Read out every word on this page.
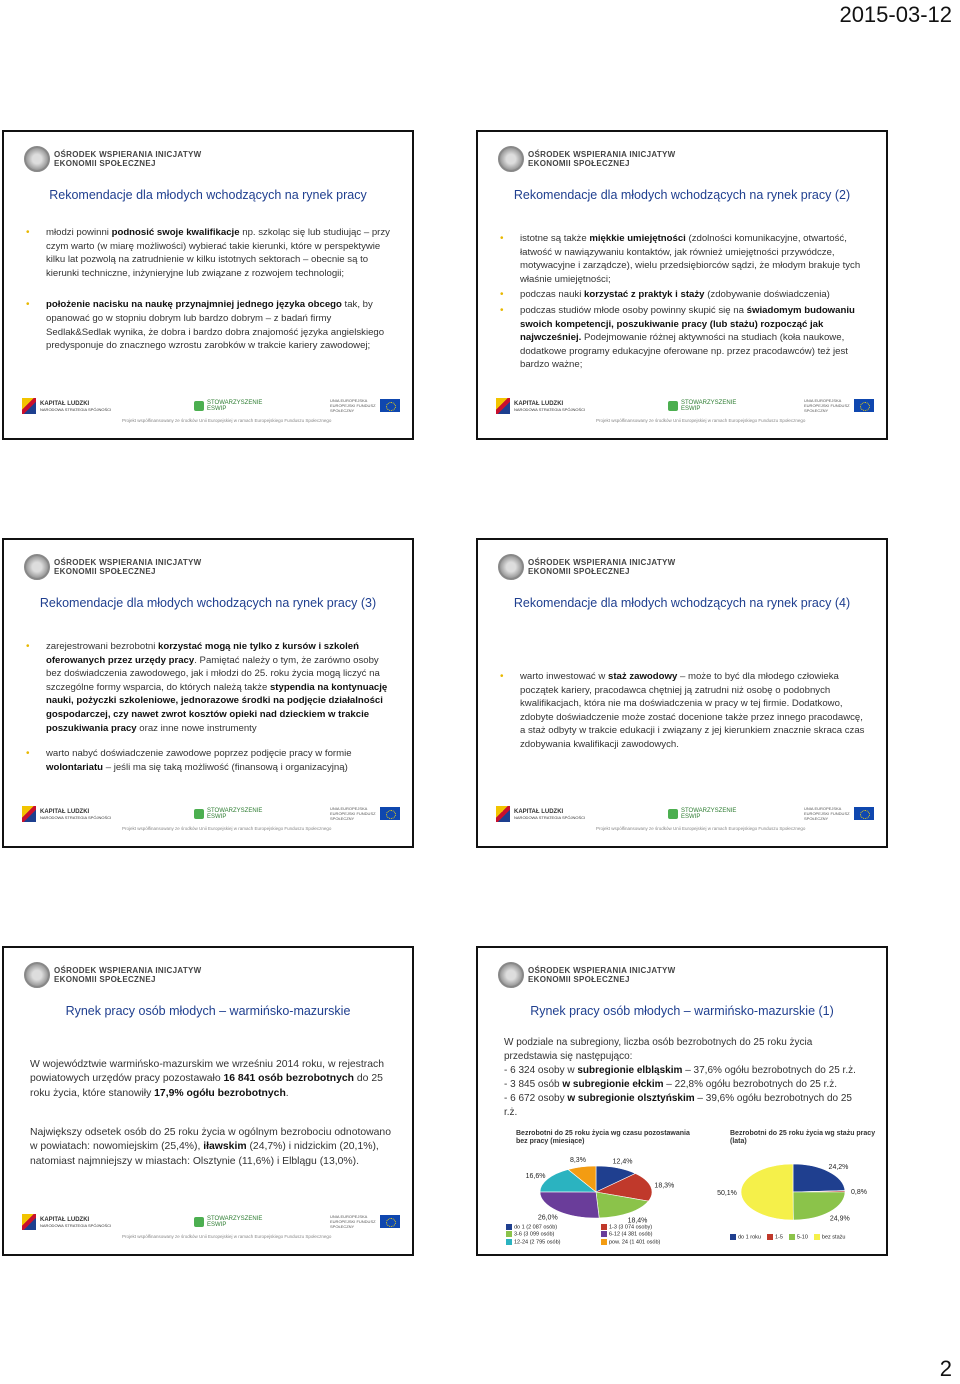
2015-03-12
OŚRODEK WSPIERANIA INICJATYW
EKONOMII SPOŁECZNEJ
Rekomendacje dla młodych wchodzących na rynek pracy
• młodzi powinni podnosić swoje kwalifikacje np. szkoląc się lub studiując – przy czym warto (w miarę możliwości) wybierać takie kierunki, które w perspektywie kilku lat pozwolą na zatrudnienie w kilku istotnych sektorach – obecnie są to kierunki techniczne, inżynieryjne lub związane z rozwojem technologii;
• położenie nacisku na naukę przynajmniej jednego języka obcego tak, by opanować go w stopniu dobrym lub bardzo dobrym – z badań firmy Sedlak&Sedlak wynika, że dobra i bardzo dobra znajomość języka angielskiego predysponuje do znacznego wzrostu zarobków w trakcie kariery zawodowej;
KAPITAŁ LUDZKI
NARODOWA STRATEGIA SPÓJNOŚCI
STOWARZYSZENIE
ESWIP
UNIA EUROPEJSKA EUROPEJSKI FUNDUSZ SPOŁECZNY
Projekt współfinansowany ze środków Unii Europejskiej w ramach Europejskiego Funduszu Społecznego
OŚRODEK WSPIERANIA INICJATYW
EKONOMII SPOŁECZNEJ
Rekomendacje dla młodych wchodzących na rynek pracy (2)
• istotne są także miękkie umiejętności (zdolności komunikacyjne, otwartość, łatwość w nawiązywaniu kontaktów, jak również umiejętności przywódcze, motywacyjne i zarządcze), wielu przedsiębiorców sądzi, że młodym brakuje tych właśnie umiejętności;
• podczas nauki korzystać z praktyk i staży (zdobywanie doświadczenia)
• podczas studiów młode osoby powinny skupić się na świadomym budowaniu swoich kompetencji, poszukiwanie pracy (lub stażu) rozpocząć jak najwcześniej. Podejmowanie różnej aktywności na studiach (koła naukowe, dodatkowe programy edukacyjne oferowane np. przez pracodawców) też jest bardzo ważne;
KAPITAŁ LUDZKI
NARODOWA STRATEGIA SPÓJNOŚCI
STOWARZYSZENIE
ESWIP
UNIA EUROPEJSKA EUROPEJSKI FUNDUSZ SPOŁECZNY
Projekt współfinansowany ze środków Unii Europejskiej w ramach Europejskiego Funduszu Społecznego
OŚRODEK WSPIERANIA INICJATYW
EKONOMII SPOŁECZNEJ
Rekomendacje dla młodych wchodzących na rynek pracy (3)
• zarejestrowani bezrobotni korzystać mogą nie tylko z kursów i szkoleń oferowanych przez urzędy pracy. Pamiętać należy o tym, że zarówno osoby bez doświadczenia zawodowego, jak i młodzi do 25. roku życia mogą liczyć na szczególne formy wsparcia, do których należą także stypendia na kontynuację nauki, pożyczki szkoleniowe, jednorazowe środki na podjęcie działalności gospodarczej, czy nawet zwrot kosztów opieki nad dzieckiem w trakcie poszukiwania pracy oraz inne nowe instrumenty
• warto nabyć doświadczenie zawodowe poprzez podjęcie pracy w formie wolontariatu – jeśli ma się taką możliwość (finansową i organizacyjną)
KAPITAŁ LUDZKI
NARODOWA STRATEGIA SPÓJNOŚCI
STOWARZYSZENIE
ESWIP
UNIA EUROPEJSKA EUROPEJSKI FUNDUSZ SPOŁECZNY
Projekt współfinansowany ze środków Unii Europejskiej w ramach Europejskiego Funduszu Społecznego
OŚRODEK WSPIERANIA INICJATYW
EKONOMII SPOŁECZNEJ
Rekomendacje dla młodych wchodzących na rynek pracy (4)
• warto inwestować w staż zawodowy – może to być dla młodego człowieka początek kariery, pracodawca chętniej ją zatrudni niż osobę o podobnych kwalifikacjach, która nie ma doświadczenia w pracy w tej firmie. Dodatkowo, zdobyte doświadczenie może zostać docenione także przez innego pracodawcę, a staż odbyty w trakcie edukacji i związany z jej kierunkiem znacznie skraca czas zdobywania kwalifikacji zawodowych.
KAPITAŁ LUDZKI
NARODOWA STRATEGIA SPÓJNOŚCI
STOWARZYSZENIE
ESWIP
UNIA EUROPEJSKA EUROPEJSKI FUNDUSZ SPOŁECZNY
Projekt współfinansowany ze środków Unii Europejskiej w ramach Europejskiego Funduszu Społecznego
OŚRODEK WSPIERANIA INICJATYW
EKONOMII SPOŁECZNEJ
Rynek pracy osób młodych – warmińsko-mazurskie
W województwie warmińsko-mazurskim we wrześniu 2014 roku, w rejestrach powiatowych urzędów pracy pozostawało 16 841 osób bezrobotnych do 25 roku życia, które stanowiły 17,9% ogółu bezrobotnych.
Największy odsetek osób do 25 roku życia w ogólnym bezrobociu odnotowano w powiatach: nowomiejskim (25,4%), iławskim (24,7%) i nidzickim (20,1%), natomiast najmniejszy w miastach: Olsztynie (11,6%) i Elblągu (13,0%).
KAPITAŁ LUDZKI
NARODOWA STRATEGIA SPÓJNOŚCI
STOWARZYSZENIE
ESWIP
UNIA EUROPEJSKA EUROPEJSKI FUNDUSZ SPOŁECZNY
Projekt współfinansowany ze środków Unii Europejskiej w ramach Europejskiego Funduszu Społecznego
OŚRODEK WSPIERANIA INICJATYW
EKONOMII SPOŁECZNEJ
Rynek pracy osób młodych – warmińsko-mazurskie (1)
W podziale na subregiony, liczba osób bezrobotnych do 25 roku życia przedstawia się następująco:
- 6 324 osoby w subregionie elbląskim – 37,6% ogółu bezrobotnych do 25 r.ż.
- 3 845 osób w subregionie ełckim – 22,8% ogółu bezrobotnych do 25 r.ż.
- 6 672 osoby w subregionie olsztyńskim – 39,6% ogółu bezrobotnych do 25 r.ż.
Bezrobotni do 25 roku życia wg czasu pozostawania bez pracy (miesiące)
12,4%
18,3%
18,4%
26,0%
16,6%
8,3%
do 1 (2 087 osób)	1-3 (3 074 osoby)
3-6 (3 099 osób)	6-12 (4 381 osób)
12-24 (2 795 osób)	pow. 24 (1 401 osób)
Bezrobotni do 25 roku życia wg stażu pracy (lata)
24,2%
0,8%
24,9%
50,1%
do 1 roku	1-5	5-10	bez stażu
2
